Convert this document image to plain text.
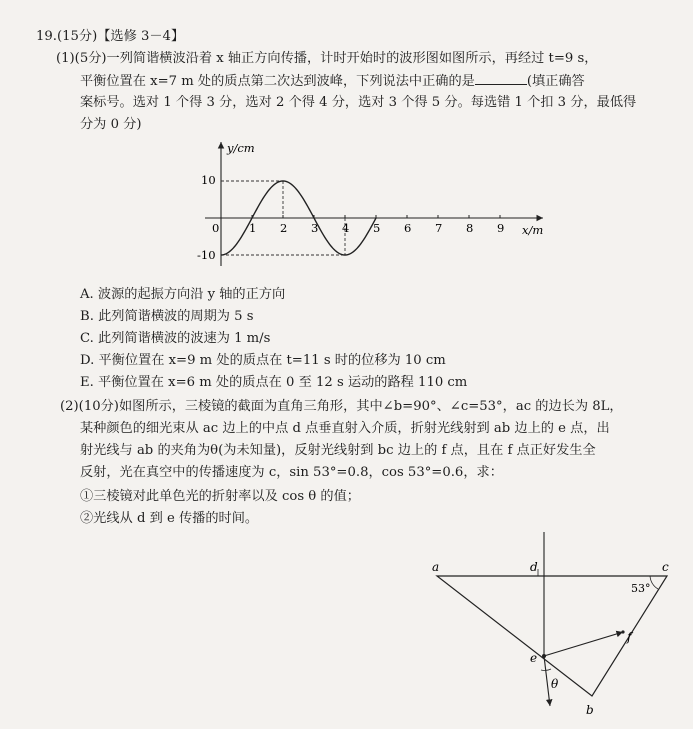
19.(15分)【选修 3－4】
(1)(5分)一列简谐横波沿着 x 轴正方向传播，计时开始时的波形图如图所示，再经过 t=9 s，
平衡位置在 x=7 m 处的质点第二次达到波峰，下列说法中正确的是	(填正确答
案标号。选对 1 个得 3 分，选对 2 个得 4 分，选对 3 个得 5 分。每选错 1 个扣 3 分，最低得
分为 0 分)
y/cm
x/m
0
10
-10
1 2 3 4 5 6 7 8 9
A. 波源的起振方向沿 y 轴的正方向
B. 此列简谐横波的周期为 5 s
C. 此列简谐横波的波速为 1 m/s
D. 平衡位置在 x=9 m 处的质点在 t=11 s 时的位移为 10 cm
E. 平衡位置在 x=6 m 处的质点在 0 至 12 s 运动的路程 110 cm
(2)(10分)如图所示，三棱镜的截面为直角三角形，其中∠b=90°、∠c=53°，ac 的边长为 8L，
某种颜色的细光束从 ac 边上的中点 d 点垂直射入介质，折射光线射到 ab 边上的 e 点，出
射光线与 ab 的夹角为θ(为未知量)，反射光线射到 bc 边上的 f 点，且在 f 点正好发生全
反射，光在真空中的传播速度为 c，sin 53°=0.8，cos 53°=0.6，求：
①三棱镜对此单色光的折射率以及 cos θ 的值；
②光线从 d 到 e 传播的时间。
a	c
d
b
e
f
θ
53°
